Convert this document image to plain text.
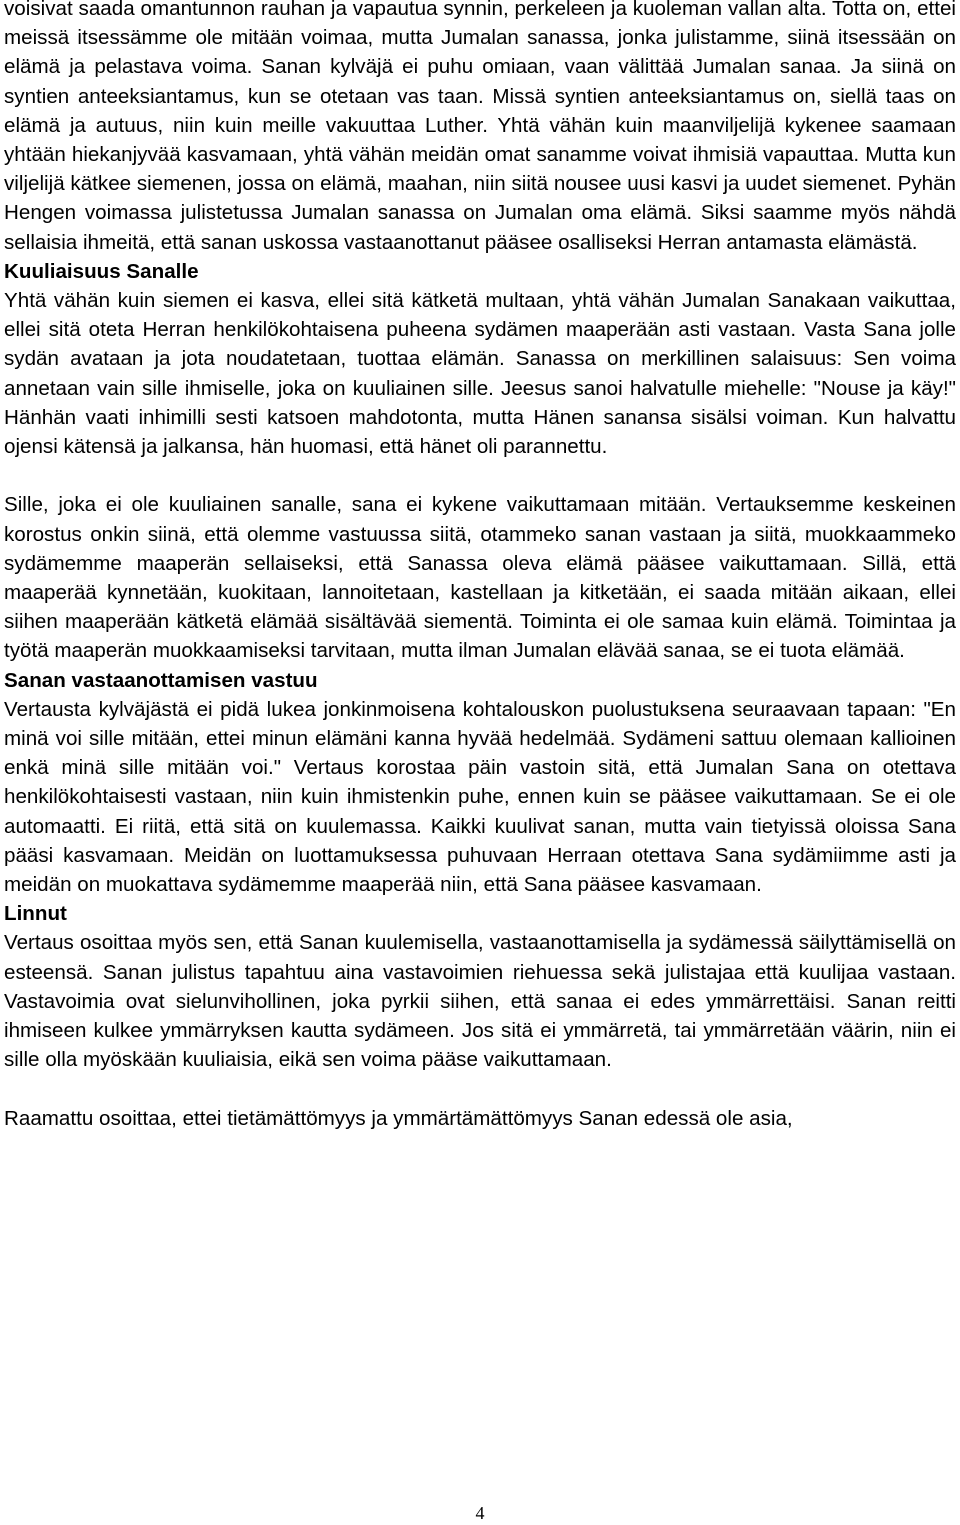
voisivat saada omantunnon rauhan ja vapautua synnin, perkeleen ja kuoleman vallan alta. Totta on, ettei meissä itsessämme ole mitään voimaa, mutta Jumalan sanassa, jonka julistamme, siinä itsessään on elämä ja pelastava voima. Sanan kylväjä ei puhu omiaan, vaan välittää Jumalan sanaa. Ja siinä on syntien anteeksiantamus, kun se otetaan vas taan. Missä syntien anteeksiantamus on, siellä taas on elämä ja autuus, niin kuin meille vakuuttaa Luther. Yhtä vähän kuin maanviljelijä kykenee saamaan yhtään hiekanjyvää kasvamaan, yhtä vähän meidän omat sanamme voivat ihmisiä vapauttaa. Mutta kun viljelijä kätkee siemenen, jossa on elämä, maahan, niin siitä nousee uusi kasvi ja uudet siemenet. Pyhän Hengen voimassa julistetussa Jumalan sanassa on Jumalan oma elämä. Siksi saamme myös nähdä sellaisia ihmeitä, että sanan uskossa vastaanottanut pääsee osalliseksi Herran antamasta elämästä.

Kuuliaisuus Sanalle

Yhtä vähän kuin siemen ei kasva, ellei sitä kätketä multaan, yhtä vähän Jumalan Sanakaan vaikuttaa, ellei sitä oteta Herran henkilökohtaisena puheena sydämen maaperään asti vastaan. Vasta Sana jolle sydän avataan ja jota noudatetaan, tuottaa elämän. Sanassa on merkillinen salaisuus: Sen voima annetaan vain sille ihmiselle, joka on kuuliainen sille. Jeesus sanoi halvatulle miehelle: "Nouse ja käy!" Hänhän vaati inhimilli sesti katsoen mahdotonta, mutta Hänen sanansa sisälsi voiman. Kun halvattu ojensi kätensä ja jalkansa, hän huomasi, että hänet oli parannettu.

Sille, joka ei ole kuuliainen sanalle, sana ei kykene vaikuttamaan mitään. Vertauksemme keskeinen korostus onkin siinä, että olemme vastuussa siitä, otammeko sanan vastaan ja siitä, muokkaammeko sydämemme maaperän sellaiseksi, että Sanassa oleva elämä pääsee vaikuttamaan. Sillä, että maaperää kynnetään, kuokitaan, lannoitetaan, kastellaan ja kitketään, ei saada mitään aikaan, ellei siihen maaperään kätketä elämää sisältävää siementä. Toiminta ei ole samaa kuin elämä. Toimintaa ja työtä maaperän muokkaamiseksi tarvitaan, mutta ilman Jumalan elävää sanaa, se ei tuota elämää.

Sanan vastaanottamisen vastuu

Vertausta kylväjästä ei pidä lukea jonkinmoisena kohtalouskon puolustuksena seuraavaan tapaan: "En minä voi sille mitään, ettei minun elämäni kanna hyvää hedelmää. Sydämeni sattuu olemaan kallioinen enkä minä sille mitään voi." Vertaus korostaa päin vastoin sitä, että Jumalan Sana on otettava henkilökohtaisesti vastaan, niin kuin ihmistenkin puhe, ennen kuin se pääsee vaikuttamaan. Se ei ole automaatti. Ei riitä, että sitä on kuulemassa. Kaikki kuulivat sanan, mutta vain tietyissä oloissa Sana pääsi kasvamaan. Meidän on luottamuksessa puhuvaan Herraan otettava Sana sydämiimme asti ja meidän on muokattava sydämemme maaperää niin, että Sana pääsee kasvamaan.

Linnut

Vertaus osoittaa myös sen, että Sanan kuulemisella, vastaanottamisella ja sydämessä säilyttämisellä on esteensä. Sanan julistus tapahtuu aina vastavoimien riehuessa sekä julistajaa että kuulijaa vastaan. Vastavoimia ovat sielunvihollinen, joka pyrkii siihen, että sanaa ei edes ymmärrettäisi. Sanan reitti ihmiseen kulkee ymmärryksen kautta sydämeen. Jos sitä ei ymmärretä, tai ymmärretään väärin, niin ei sille olla myöskään kuuliaisia, eikä sen voima pääse vaikuttamaan.

Raamattu osoittaa, ettei tietämättömyys ja ymmärtämättömyys Sanan edessä ole asia,

4
